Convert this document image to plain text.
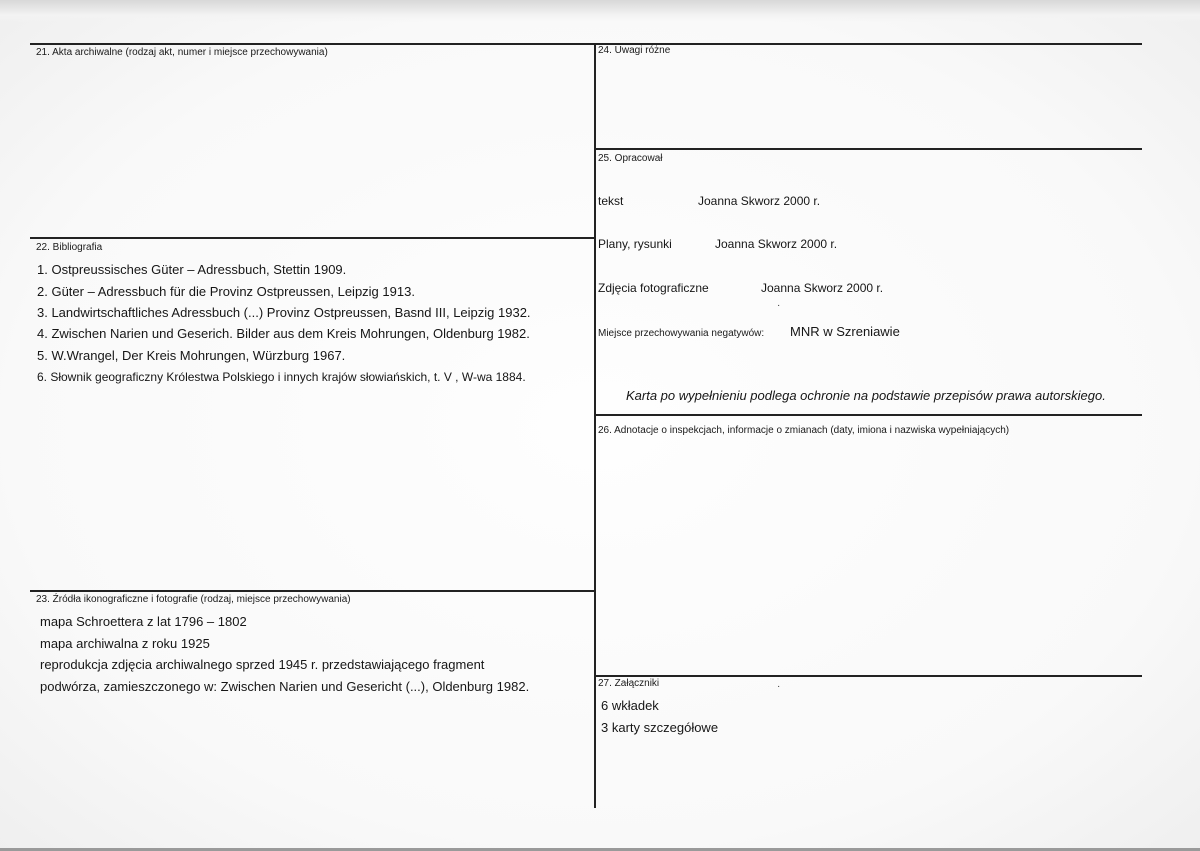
21. Akta archiwalne (rodzaj akt, numer i miejsce przechowywania)
22. Bibliografia
1. Ostpreussisches Güter – Adressbuch, Stettin 1909.
2. Güter – Adressbuch für die Provinz Ostpreussen, Leipzig 1913.
3. Landwirtschaftliches Adressbuch (...) Provinz Ostpreussen, Basnd III, Leipzig 1932.
4. Zwischen Narien und Geserich. Bilder aus dem Kreis Mohrungen, Oldenburg 1982.
5. W.Wrangel, Der Kreis Mohrungen, Würzburg 1967.
6. Słownik geograficzny Królestwa Polskiego i innych krajów słowiańskich, t. V , W-wa 1884.
23. Źródła ikonograficzne i fotografie (rodzaj, miejsce przechowywania)
mapa Schroettera z lat 1796 – 1802
mapa archiwalna z roku 1925
reprodukcja zdjęcia archiwalnego sprzed 1945 r. przedstawiającego fragment
podwórza, zamieszczonego w: Zwischen Narien und Gesericht (...), Oldenburg 1982.
24. Uwagi różne
25. Opracował
tekst	Joanna Skworz 2000 r.
Plany, rysunki	Joanna Skworz 2000 r.
Zdjęcia fotograficzne	Joanna Skworz 2000 r.
·
Miejsce przechowywania negatywów: MNR w Szreniawie
Karta po wypełnieniu podlega ochronie na podstawie przepisów prawa autorskiego.
26. Adnotacje o inspekcjach, informacje o zmianach (daty, imiona i nazwiska wypełniających)
27. Załączniki	·
6 wkładek
3 karty szczegółowe
